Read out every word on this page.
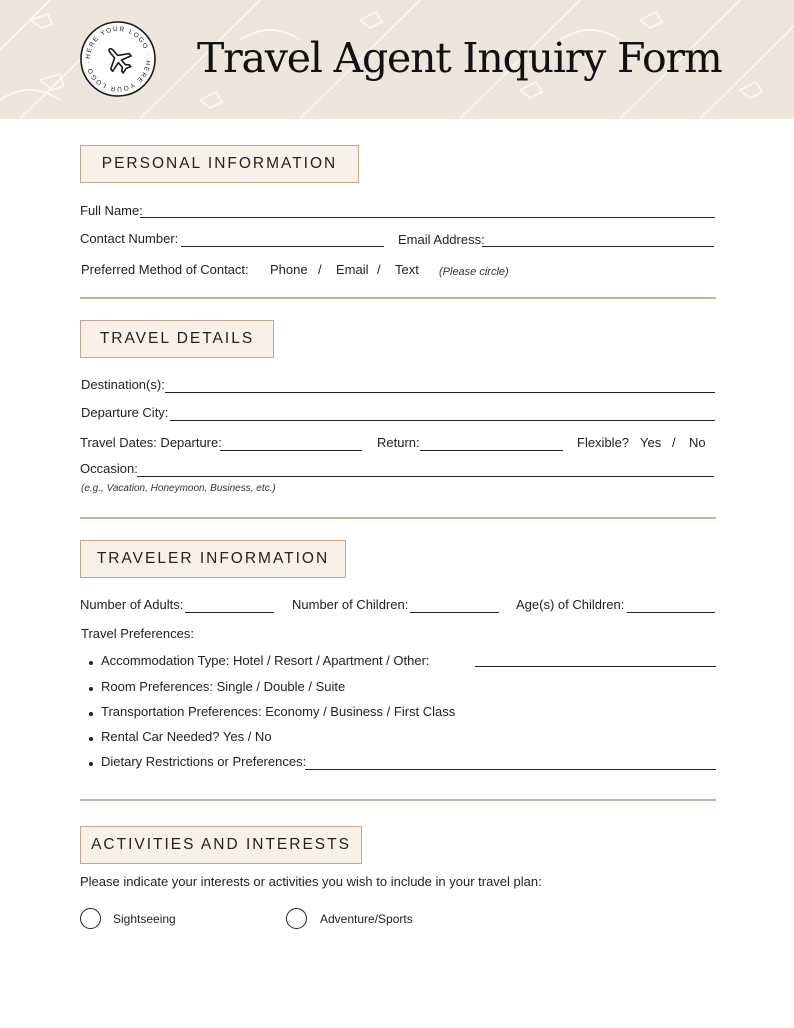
HERE YOUR LOGO · HERE YOUR LOGO ·	Travel Agent Inquiry Form
PERSONAL INFORMATION
Full Name:
Contact Number:	Email Address:
Preferred Method of Contact: Phone / Email / Text (Please circle)
TRAVEL DETAILS
Destination(s):
Departure City:
Travel Dates: Departure:	Return:	Flexible? Yes / No
Occasion:
(e.g., Vacation, Honeymoon, Business, etc.)
TRAVELER INFORMATION
Number of Adults:	Number of Children:	Age(s) of Children:
Travel Preferences:
Accommodation Type: Hotel / Resort / Apartment / Other:
Room Preferences: Single / Double / Suite
Transportation Preferences: Economy / Business / First Class
Rental Car Needed? Yes / No
Dietary Restrictions or Preferences:
ACTIVITIES AND INTERESTS
Please indicate your interests or activities you wish to include in your travel plan:
Sightseeing	Adventure/Sports
